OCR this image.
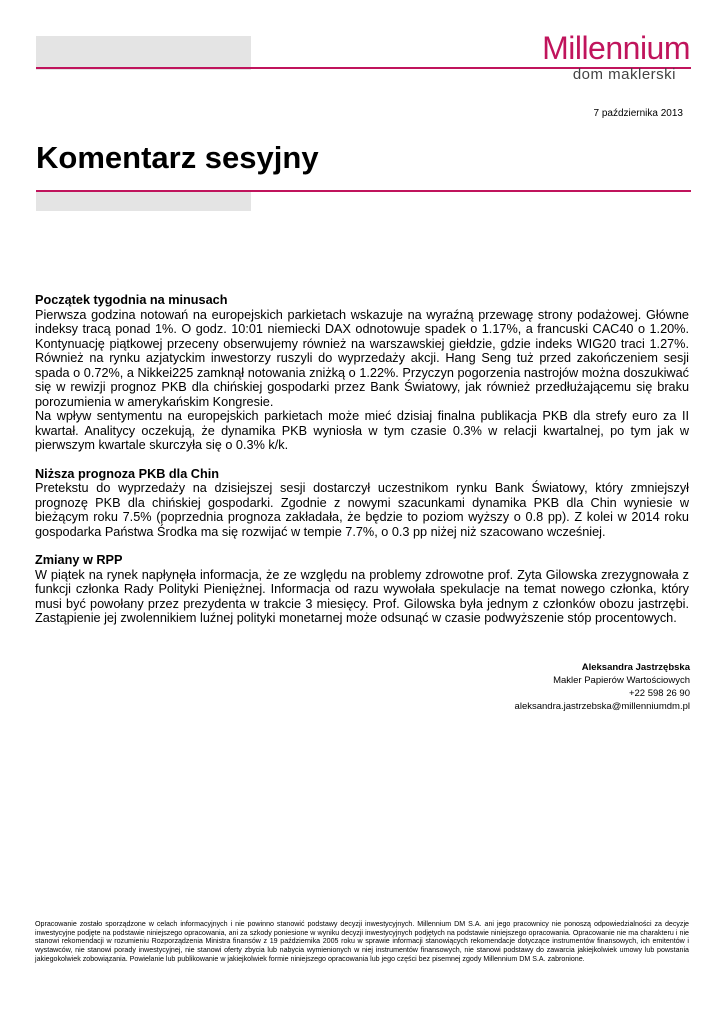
Millennium
dom maklerski
7 października 2013
Komentarz sesyjny
Początek tygodnia na minusach

Pierwsza godzina notowań na europejskich parkietach wskazuje na wyraźną przewagę strony podażowej. Główne indeksy tracą ponad 1%. O godz. 10:01 niemiecki DAX odnotowuje spadek o 1.17%, a francuski CAC40 o 1.20%. Kontynuację piątkowej przeceny obserwujemy również na warszawskiej giełdzie, gdzie indeks WIG20 traci 1.27%. Również na rynku azjatyckim inwestorzy ruszyli do wyprzedaży akcji. Hang Seng tuż przed zakończeniem sesji spada o 0.72%, a Nikkei225 zamknął notowania zniżką o 1.22%. Przyczyn pogorzenia nastrojów można doszukiwać się w rewizji prognoz PKB dla chińskiej gospodarki przez Bank Światowy, jak również przedłużającemu się braku porozumienia w amerykańskim Kongresie.

Na wpływ sentymentu na europejskich parkietach może mieć dzisiaj finalna publikacja PKB dla strefy euro za II kwartał. Analitycy oczekują, że dynamika PKB wyniosła w tym czasie 0.3% w relacji kwartalnej, po tym jak w pierwszym kwartale skurczyła się o 0.3% k/k.

Niższa prognoza PKB dla Chin

Pretekstu do wyprzedaży na dzisiejszej sesji dostarczył uczestnikom rynku Bank Światowy, który zmniejszył prognozę PKB dla chińskiej gospodarki. Zgodnie z nowymi szacunkami dynamika PKB dla Chin wyniesie w bieżącym roku 7.5% (poprzednia prognoza zakładała, że będzie to poziom wyższy o 0.8 pp). Z kolei w 2014 roku gospodarka Państwa Środka ma się rozwijać w tempie 7.7%, o 0.3 pp niżej niż szacowano wcześniej.

Zmiany w RPP

W piątek na rynek napłynęła informacja, że ze względu na problemy zdrowotne prof. Zyta Gilowska zrezygnowała z funkcji członka Rady Polityki Pieniężnej. Informacja od razu wywołała spekulacje na temat nowego członka, który musi być powołany przez prezydenta w trakcie 3 miesięcy. Prof. Gilowska była jednym z członków obozu jastrzębi. Zastąpienie jej zwolennikiem luźnej polityki monetarnej może odsunąć w czasie podwyższenie stóp procentowych.

Aleksandra Jastrzębska
Makler Papierów Wartościowych
+22 598 26 90
aleksandra.jastrzebska@millenniumdm.pl
Opracowanie zostało sporządzone w celach informacyjnych i nie powinno stanowić podstawy decyzji inwestycyjnych. Millennium DM S.A. ani jego pracownicy nie ponoszą odpowiedzialności za decyzje inwestycyjne podjęte na podstawie niniejszego opracowania, ani za szkody poniesione w wyniku decyzji inwestycyjnych podjętych na podstawie niniejszego opracowania. Opracowanie nie ma charakteru i nie stanowi rekomendacji w rozumieniu Rozporządzenia Ministra finansów z 19 października 2005 roku w sprawie informacji stanowiących rekomendacje dotyczące instrumentów finansowych, ich emitentów i wystawców, nie stanowi porady inwestycyjnej, nie stanowi oferty zbycia lub nabycia wymienionych w niej instrumentów finansowych, nie stanowi podstawy do zawarcia jakiejkolwiek umowy lub powstania jakiegokolwiek zobowiązania. Powielanie lub publikowanie w jakiejkolwiek formie niniejszego opracowania lub jego części bez pisemnej zgody Millennium DM S.A. zabronione.
